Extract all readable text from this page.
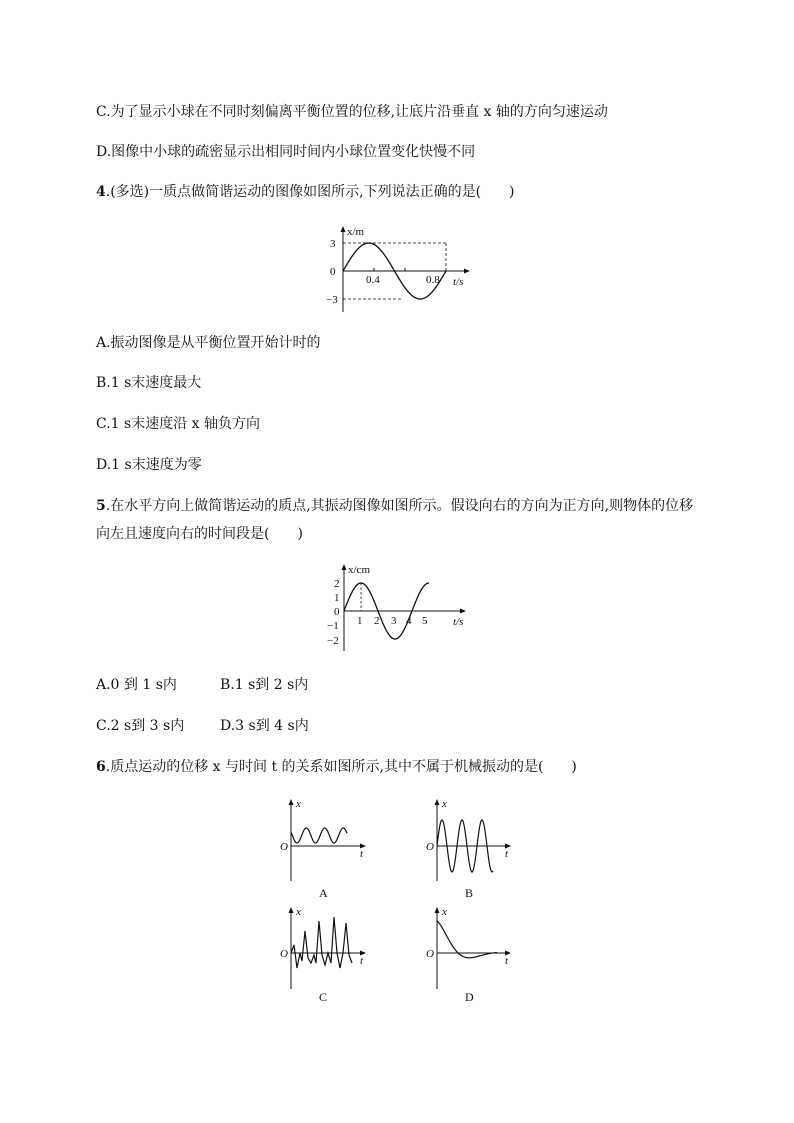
C.为了显示小球在不同时刻偏离平衡位置的位移,让底片沿垂直 x 轴的方向匀速运动
D.图像中小球的疏密显示出相同时间内小球位置变化快慢不同
4.(多选)一质点做简谐运动的图像如图所示,下列说法正确的是(　　)
x/m
3
0
−3
0.4	0.8 t/s
A.振动图像是从平衡位置开始计时的
B.1 s末速度最大
C.1 s末速度沿 x 轴负方向
D.1 s末速度为零
5.在水平方向上做简谐运动的质点,其振动图像如图所示。假设向右的方向为正方向,则物体的位移
向左且速度向右的时间段是(　　)
x/cm
2
1
0
−1
−2
1 2 3 4 5 t/s
A.0 到 1 s内	B.1 s到 2 s内
C.2 s到 3 s内	D.3 s到 4 s内
6.质点运动的位移 x 与时间 t 的关系如图所示,其中不属于机械振动的是(　　)
x
O
t
A
x
O
t
B
x
O
t
C
x
O
t
D
